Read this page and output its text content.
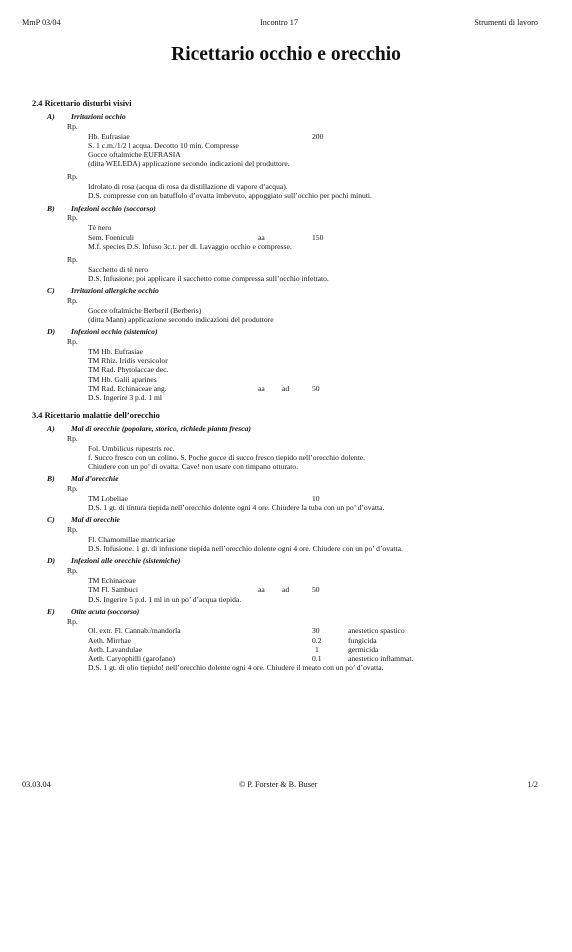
MmP 03/04	Incontro 17	Strumenti di lavoro
Ricettario occhio e orecchio
2.4 Ricettario disturbi visivi
A)	Irritazioni occhio
Rp.
Hb. Eufrasiae	200
S. 1 c.m./1/2 l acqua. Decotto 10 min. Compresse
Gocce oftalmiche EUFRASIA
(ditta WELEDA) applicazione secondo indicazioni del produttore.
Rp.
Idrolato di rosa (acqua di rosa da distillazione di vapore d’acqua).
D.S. compresse con un batuffolo d’ovatta imbevuto, appoggiato sull’occhio per pochi minuti.
B)	Infezioni occhio (soccorso)
Rp.
Tè nero
Sem. Foeniculi	aa	150
M.f. species D.S. Infuso 3c.t. per dl. Lavaggio occhio e compresse.
Rp.
Sacchetto di tè nero
D.S. Infusione; poi applicare il sacchetto come compressa sull’occhio infettato.
C)	Irritazioni allergiche occhio
Rp.
Gocce oftalmiche Berberil (Berberis)
(ditta Mann) applicazione secondo indicazioni del produttore
D)	Infezioni occhio (sistemico)
Rp.
TM Hb. Eufrasiae
TM Rhiz. Iridis versicolor
TM Rad. Phytolaccae dec.
TM Hb. Galii aparines
TM Rad. Echinaceae ang.	aa ad	50
D.S. Ingerire 3 p.d. 1 ml
3.4 Ricettario malattie dell’orecchio
A)	Mal di orecchie (popolare, storico, richiede pianta fresca)
Rp.
Fol. Umbilicus rupestris rec.
f. Succo fresco con un colino. S. Poche gocce di succo fresco tiepido nell’orecchio dolente.
Chiudere con un po’ di ovatta. Cave! non usare con timpano otturato.
B)	Mal d’orecchie
Rp.
TM Lobeliae	10
D.S. 1 gt. di tintura tiepida nell’orecchio dolente ogni 4 ore. Chiudere la tuba con un po’ d’ovatta.
C)	Mal di orecchie
Rp.
Fl. Chamomillae matricariae
D.S. Infusione. 1 gt. di infusione tiepida nell’orecchio dolente ogni 4 ore. Chiudere con un po’ d’ovatta.
D)	Infezioni alle orecchie (sistemiche)
Rp.
TM Echinaceae
TM Fl. Sambuci	aa ad	50
D.S. Ingerire 5 p.d. 1 ml in un po’ d’acqua tiepida.
E)	Otite acuta (soccorso)
Rp.
Ol. extr. Fl. Cannab./mandorla	30	anestetico spastico
Aeth. Mirrhae	0.2	fungicida
Aeth. Lavandulae	1	germicida
Aeth. Caryophilli (garofano)	0.1	anestetico inflammat.
D.S. 1 gt. di olio tiepido! nell’orecchio dolente ogni 4 ore. Chiudere il meato con un po’ d’ovatta.
03.03.04	© P. Forster & B. Buser	1/2
